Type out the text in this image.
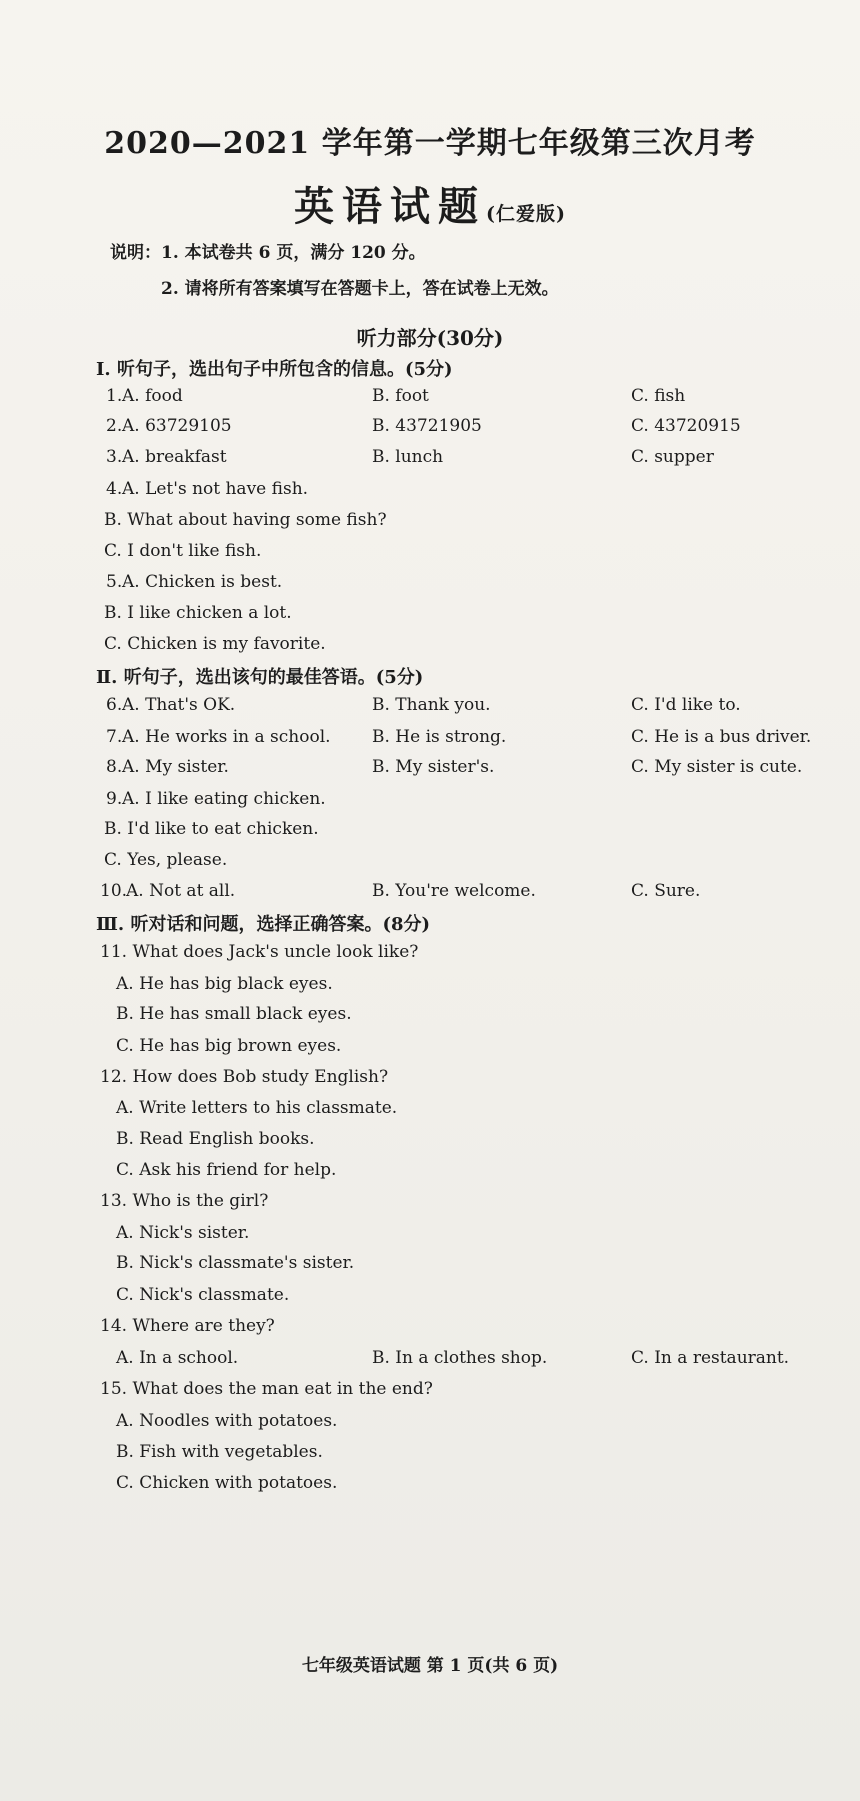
2020—2021 学年第一学期七年级第三次月考
英语试题(仁爱版)
说明：1. 本试卷共 6 页，满分 120 分。
2. 请将所有答案填写在答题卡上，答在试卷上无效。
听力部分(30分)
Ⅰ. 听句子，选出句子中所包含的信息。(5分)
1. A. food	B. foot	C. fish
2. A. 63729105	B. 43721905	C. 43720915
3. A. breakfast	B. lunch	C. supper
4. A. Let's not have fish.
B. What about having some fish?
C. I don't like fish.
5. A. Chicken is best.
B. I like chicken a lot.
C. Chicken is my favorite.
Ⅱ. 听句子，选出该句的最佳答语。(5分)
6. A. That's OK.	B. Thank you.	C. I'd like to.
7. A. He works in a school. B. He is strong.	C. He is a bus driver.
8. A. My sister.	B. My sister's.	C. My sister is cute.
9. A. I like eating chicken.
B. I'd like to eat chicken.
C. Yes, please.
10.
A. Not at all.	B. You're welcome.	C. Sure.
Ⅲ. 听对话和问题，选择正确答案。(8分)
11. What does Jack's uncle look like?
A. He has big black eyes.
B. He has small black eyes.
C. He has big brown eyes.
12. How does Bob study English?
A. Write letters to his classmate.
B. Read English books.
C. Ask his friend for help.
13. Who is the girl?
A. Nick's sister.
B. Nick's classmate's sister.
C. Nick's classmate.
14. Where are they?
A. In a school.	B. In a clothes shop.	C. In a restaurant.
15. What does the man eat in the end?
A. Noodles with potatoes.
B. Fish with vegetables.
C. Chicken with potatoes.
七年级英语试题 第 1 页(共 6 页)
